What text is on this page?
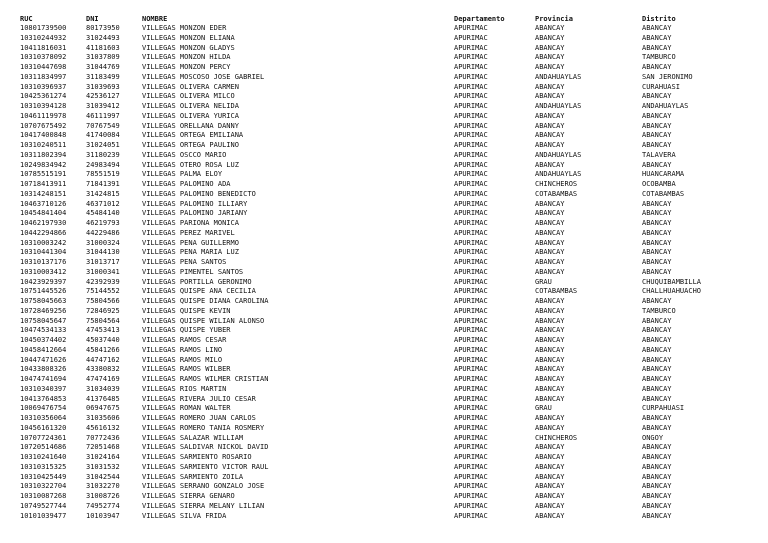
RUC	DNI	NOMBRE	Departamento	Provincia	Distrito
10801739500	80173950	VILLEGAS MONZON EDER	APURIMAC	ABANCAY	ABANCAY
10310244932	31024493	VILLEGAS MONZON ELIANA	APURIMAC	ABANCAY	ABANCAY
10411816031	41181603	VILLEGAS MONZON GLADYS	APURIMAC	ABANCAY	ABANCAY
10310378092	31037809	VILLEGAS MONZON HILDA	APURIMAC	ABANCAY	TAMBURCO
10310447698	31044769	VILLEGAS MONZON PERCY	APURIMAC	ABANCAY	ABANCAY
10311834997	31183499	VILLEGAS MOSCOSO JOSE GABRIEL	APURIMAC	ANDAHUAYLAS	SAN JERONIMO
10310396937	31039693	VILLEGAS OLIVERA CARMEN	APURIMAC	ABANCAY	CURAHUASI
10425361274	42536127	VILLEGAS OLIVERA MILCO	APURIMAC	ABANCAY	ABANCAY
10310394128	31039412	VILLEGAS OLIVERA NELIDA	APURIMAC	ANDAHUAYLAS	ANDAHUAYLAS
10461119978	46111997	VILLEGAS OLIVERA YURICA	APURIMAC	ABANCAY	ABANCAY
10707675492	70767549	VILLEGAS ORELLANA DANNY	APURIMAC	ABANCAY	ABANCAY
10417400848	41740084	VILLEGAS ORTEGA EMILIANA	APURIMAC	ABANCAY	ABANCAY
10310240511	31024051	VILLEGAS ORTEGA PAULINO	APURIMAC	ABANCAY	ABANCAY
10311802394	31180239	VILLEGAS OSCCO MARIO	APURIMAC	ANDAHUAYLAS	TALAVERA
10249834942	24983494	VILLEGAS OTERO ROSA LUZ	APURIMAC	ABANCAY	ABANCAY
10785515191	78551519	VILLEGAS PALMA ELOY	APURIMAC	ANDAHUAYLAS	HUANCARAMA
10718413911	71841391	VILLEGAS PALOMINO ADA	APURIMAC	CHINCHEROS	OCOBAMBA
10314248151	31424815	VILLEGAS PALOMINO BENEDICTO	APURIMAC	COTABAMBAS	COTABAMBAS
10463710126	46371012	VILLEGAS PALOMINO ILLIARY	APURIMAC	ABANCAY	ABANCAY
10454841404	45484140	VILLEGAS PALOMINO JARIANY	APURIMAC	ABANCAY	ABANCAY
10462197930	46219793	VILLEGAS PARIONA MONICA	APURIMAC	ABANCAY	ABANCAY
10442294866	44229486	VILLEGAS PEREZ MARIVEL	APURIMAC	ABANCAY	ABANCAY
10310003242	31000324	VILLEGAS PEÑA GUILLERMO	APURIMAC	ABANCAY	ABANCAY
10310441304	31044130	VILLEGAS PEÑA MARIA LUZ	APURIMAC	ABANCAY	ABANCAY
10310137176	31013717	VILLEGAS PEÑA SANTOS	APURIMAC	ABANCAY	ABANCAY
10310003412	31000341	VILLEGAS PIMENTEL SANTOS	APURIMAC	ABANCAY	ABANCAY
10423929397	42392939	VILLEGAS PORTILLA GERONIMO	APURIMAC	GRAU	CHUQUIBAMBILLA
10751445526	75144552	VILLEGAS QUISPE ANA CECILIA	APURIMAC	COTABAMBAS	CHALLHUAHUACHO
10758045663	75804566	VILLEGAS QUISPE DIANA CAROLINA	APURIMAC	ABANCAY	ABANCAY
10728469256	72846925	VILLEGAS QUISPE KEVIN	APURIMAC	ABANCAY	TAMBURCO
10758045647	75804564	VILLEGAS QUISPE WILIAN ALONSO	APURIMAC	ABANCAY	ABANCAY
10474534133	47453413	VILLEGAS QUISPE YUBER	APURIMAC	ABANCAY	ABANCAY
10450374402	45037440	VILLEGAS RAMOS CESAR	APURIMAC	ABANCAY	ABANCAY
10458412664	45841266	VILLEGAS RAMOS LINO	APURIMAC	ABANCAY	ABANCAY
10447471626	44747162	VILLEGAS RAMOS MILO	APURIMAC	ABANCAY	ABANCAY
10433808326	43380832	VILLEGAS RAMOS WILBER	APURIMAC	ABANCAY	ABANCAY
10474741694	47474169	VILLEGAS RAMOS WILMER CRISTIAN	APURIMAC	ABANCAY	ABANCAY
10310340397	31034039	VILLEGAS RIOS MARTIN	APURIMAC	ABANCAY	ABANCAY
10413764853	41376485	VILLEGAS RIVERA JULIO CESAR	APURIMAC	ABANCAY	ABANCAY
10069476754	06947675	VILLEGAS ROMAN WALTER	APURIMAC	GRAU	CURPAHUASI
10310356064	31035606	VILLEGAS ROMERO JUAN CARLOS	APURIMAC	ABANCAY	ABANCAY
10456161320	45616132	VILLEGAS ROMERO TANIA ROSMERY	APURIMAC	ABANCAY	ABANCAY
10707724361	70772436	VILLEGAS SALAZAR WILLIAM	APURIMAC	CHINCHEROS	ONGOY
10720514686	72051468	VILLEGAS SALDIVAR NICKOL DAVID	APURIMAC	ABANCAY	ABANCAY
10310241640	31024164	VILLEGAS SARMIENTO ROSARIO	APURIMAC	ABANCAY	ABANCAY
10310315325	31031532	VILLEGAS SARMIENTO VICTOR RAUL	APURIMAC	ABANCAY	ABANCAY
10310425449	31042544	VILLEGAS SARMIENTO ZOILA	APURIMAC	ABANCAY	ABANCAY
10310322704	31032270	VILLEGAS SERRANO GONZALO JOSE	APURIMAC	ABANCAY	ABANCAY
10310087268	31008726	VILLEGAS SIERRA GENARO	APURIMAC	ABANCAY	ABANCAY
10749527744	74952774	VILLEGAS SIERRA MELANY LILIAN	APURIMAC	ABANCAY	ABANCAY
10101039477	10103947	VILLEGAS SILVA FRIDA	APURIMAC	ABANCAY	ABANCAY
